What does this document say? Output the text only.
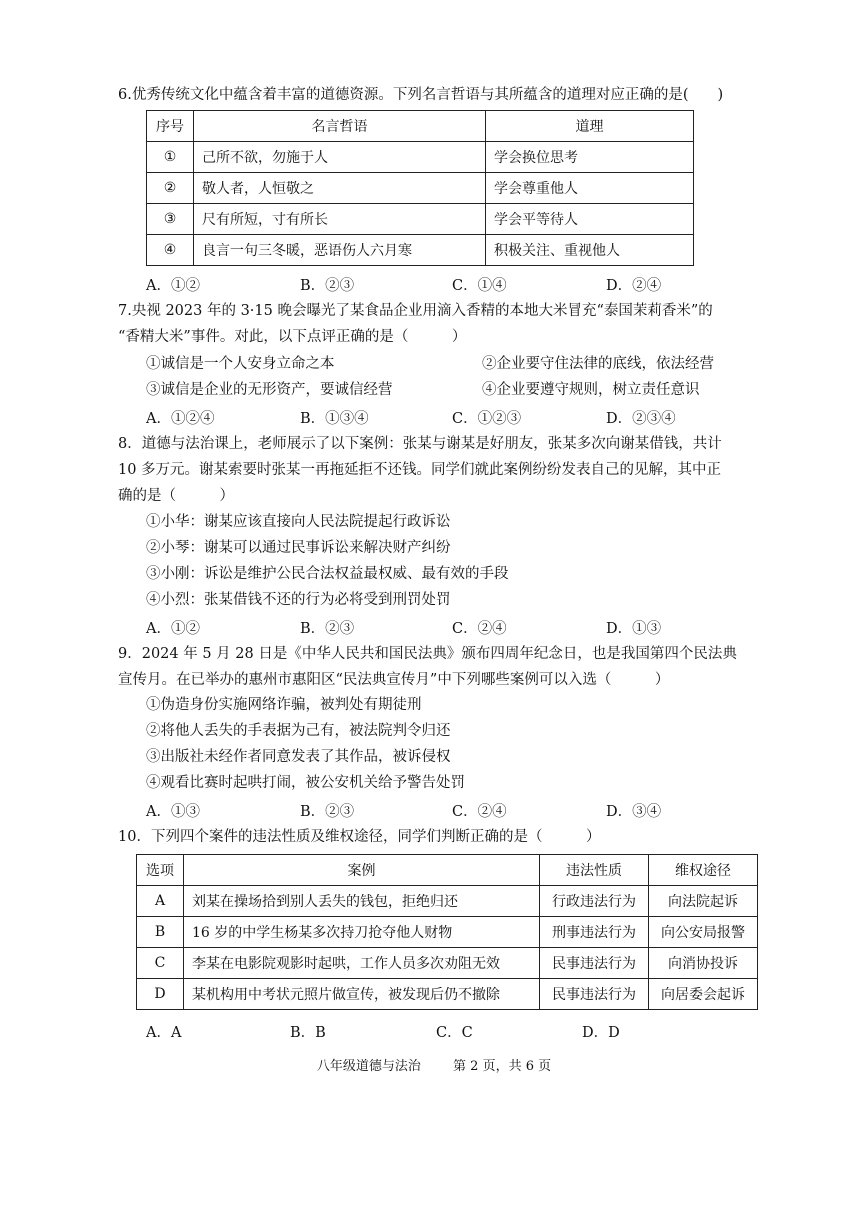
6.优秀传统文化中蕴含着丰富的道德资源。下列名言哲语与其所蕴含的道理对应正确的是(　　)
序号	名言哲语	道理
①	己所不欲，勿施于人	学会换位思考
②	敬人者，人恒敬之	学会尊重他人
③	尺有所短，寸有所长	学会平等待人
④	良言一句三冬暖，恶语伤人六月寒	积极关注、重视他人
A．①②	B．②③	C．①④	D．②④
7.央视 2023 年的 3·15 晚会曝光了某食品企业用滴入香精的本地大米冒充“泰国茉莉香米”的
“香精大米”事件。对此，以下点评正确的是（　　　）
①诚信是一个人安身立命之本	②企业要守住法律的底线，依法经营
③诚信是企业的无形资产，要诚信经营	④企业要遵守规则，树立责任意识
A．①②④	B．①③④	C．①②③	D．②③④
8．道德与法治课上，老师展示了以下案例：张某与谢某是好朋友，张某多次向谢某借钱，共计
10 多万元。谢某索要时张某一再拖延拒不还钱。同学们就此案例纷纷发表自己的见解，其中正
确的是（　　　）
①小华：谢某应该直接向人民法院提起行政诉讼
②小琴：谢某可以通过民事诉讼来解决财产纠纷
③小刚：诉讼是维护公民合法权益最权威、最有效的手段
④小烈：张某借钱不还的行为必将受到刑罚处罚
A．①②	B．②③	C．②④	D．①③
9．2024 年 5 月 28 日是《中华人民共和国民法典》颁布四周年纪念日，也是我国第四个民法典
宣传月。在已举办的惠州市惠阳区“民法典宣传月”中下列哪些案例可以入选（　　　）
①伪造身份实施网络诈骗，被判处有期徒刑
②将他人丢失的手表据为己有，被法院判令归还
③出版社未经作者同意发表了其作品，被诉侵权
④观看比赛时起哄打闹，被公安机关给予警告处罚
A．①③	B．②③	C．②④	D．③④
10．下列四个案件的违法性质及维权途径，同学们判断正确的是（　　　）
选项	案例	违法性质	维权途径
A	刘某在操场拾到别人丢失的钱包，拒绝归还	行政违法行为	向法院起诉
B	16 岁的中学生杨某多次持刀抢夺他人财物	刑事违法行为	向公安局报警
C	李某在电影院观影时起哄，工作人员多次劝阻无效	民事违法行为	向消协投诉
D	某机构用中考状元照片做宣传，被发现后仍不撤除	民事违法行为	向居委会起诉
A．A	B．B	C．C	D．D
八年级道德与法治 第 2 页，共 6 页
